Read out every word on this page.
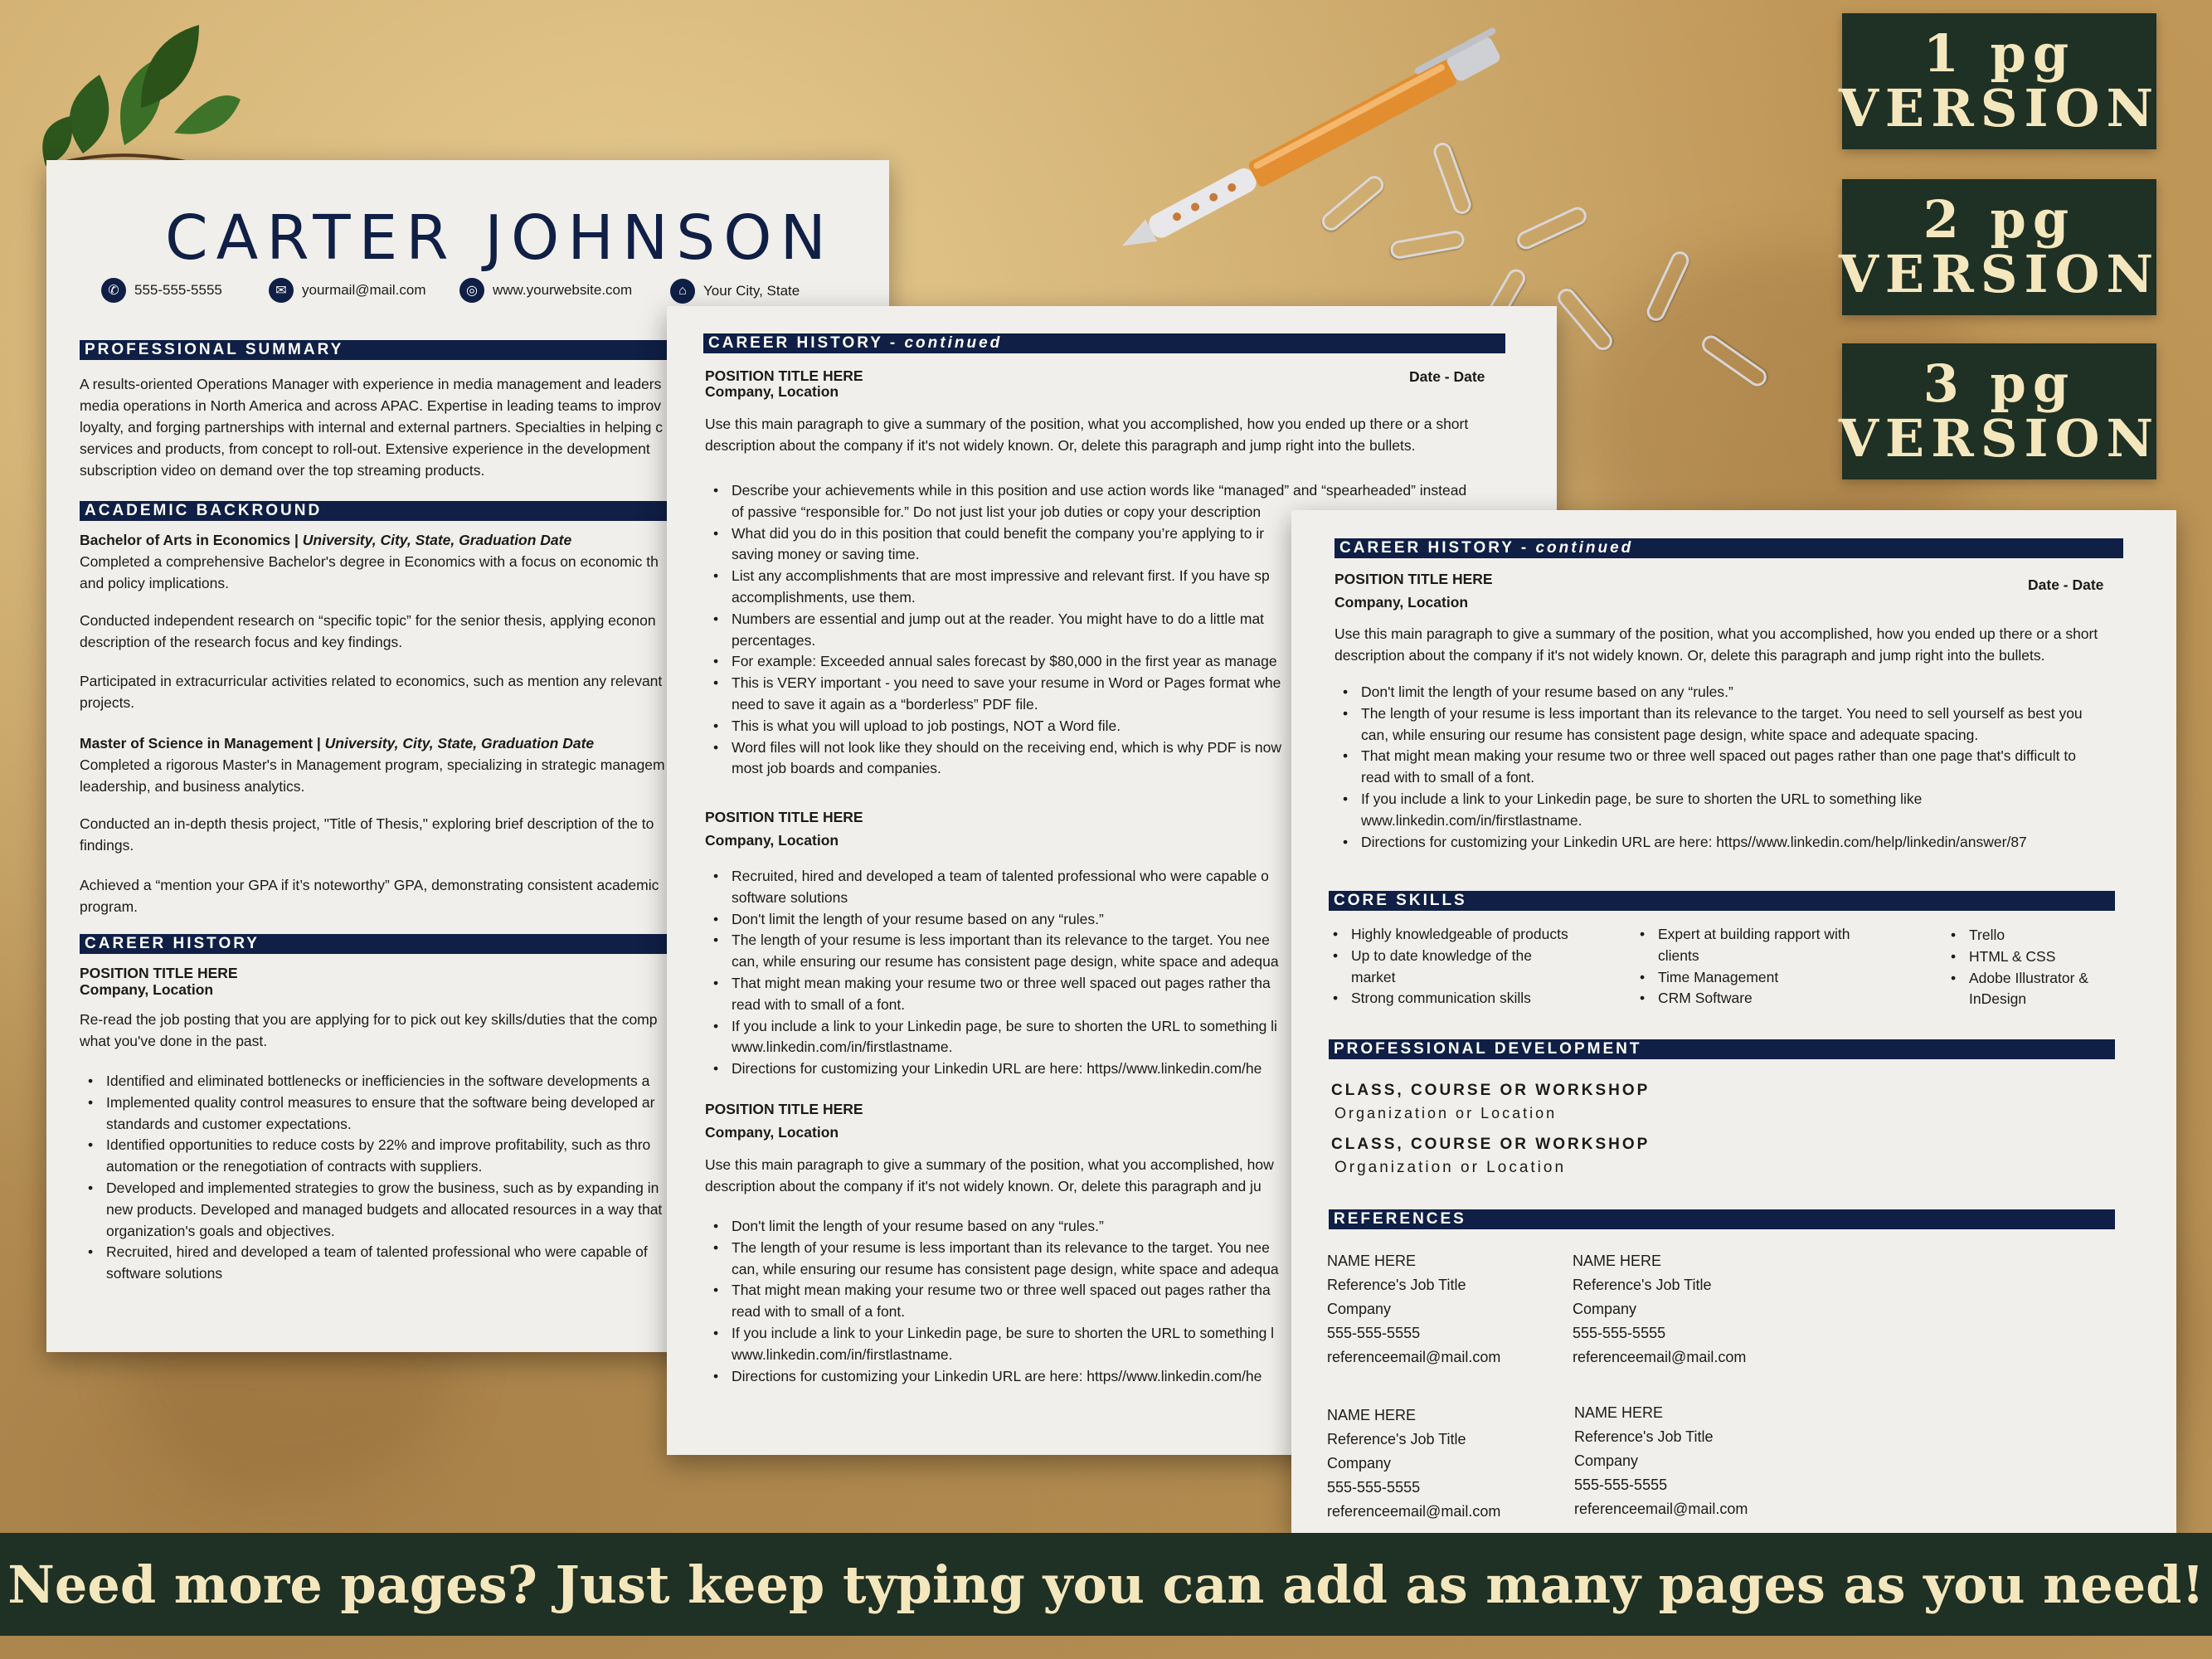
1 pg
VERSION
2 pg
VERSION
3 pg
VERSION
CARTER JOHNSON
✆	555-555-5555	✉	yourmail@mail.com	◎	www.yourwebsite.com	⌂	Your City, State
PROFESSIONAL SUMMARY
A results-oriented Operations Manager with experience in media management and leaders
media operations in North America and across APAC. Expertise in leading teams to improv
loyalty, and forging partnerships with internal and external partners. Specialties in helping c
services and products, from concept to roll-out. Extensive experience in the development
subscription video on demand over the top streaming products.
ACADEMIC BACKROUND
Bachelor of Arts in Economics | University, City, State, Graduation Date
Completed a comprehensive Bachelor's degree in Economics with a focus on economic th
and policy implications.
Conducted independent research on “specific topic” for the senior thesis, applying econon
description of the research focus and key findings.
Participated in extracurricular activities related to economics, such as mention any relevant
projects.
Master of Science in Management | University, City, State, Graduation Date
Completed a rigorous Master's in Management program, specializing in strategic managem
leadership, and business analytics.
Conducted an in-depth thesis project, "Title of Thesis," exploring brief description of the to
findings.
Achieved a “mention your GPA if it’s noteworthy” GPA, demonstrating consistent academic
program.
CAREER HISTORY
POSITION TITLE HERE
Company, Location
Re-read the job posting that you are applying for to pick out key skills/duties that the comp
what you've done in the past.
• Identified and eliminated bottlenecks or inefficiencies in the software developments a
• Implemented quality control measures to ensure that the software being developed ar
standards and customer expectations.
• Identified opportunities to reduce costs by 22% and improve profitability, such as thro
automation or the renegotiation of contracts with suppliers.
• Developed and implemented strategies to grow the business, such as by expanding in
new products. Developed and managed budgets and allocated resources in a way that
organization's goals and objectives.
• Recruited, hired and developed a team of talented professional who were capable of
software solutions
CAREER HISTORY - continued
POSITION TITLE HERE
Company, Location
Date - Date
Use this main paragraph to give a summary of the position, what you accomplished, how you ended up there or a short
description about the company if it's not widely known. Or, delete this paragraph and jump right into the bullets.
• Describe your achievements while in this position and use action words like “managed” and “spearheaded” instead
of passive “responsible for.” Do not just list your job duties or copy your description
• What did you do in this position that could benefit the company you’re applying to ir
saving money or saving time.
• List any accomplishments that are most impressive and relevant first. If you have sp
accomplishments, use them.
• Numbers are essential and jump out at the reader. You might have to do a little mat
percentages.
• For example: Exceeded annual sales forecast by $80,000 in the first year as manage
• This is VERY important - you need to save your resume in Word or Pages format whe
need to save it again as a “borderless” PDF file.
• This is what you will upload to job postings, NOT a Word file.
• Word files will not look like they should on the receiving end, which is why PDF is now
most job boards and companies.
POSITION TITLE HERE
Company, Location
• Recruited, hired and developed a team of talented professional who were capable o
software solutions
• Don't limit the length of your resume based on any “rules.”
• The length of your resume is less important than its relevance to the target. You nee
can, while ensuring our resume has consistent page design, white space and adequa
• That might mean making your resume two or three well spaced out pages rather tha
read with to small of a font.
• If you include a link to your Linkedin page, be sure to shorten the URL to something li
www.linkedin.com/in/firstlastname.
• Directions for customizing your Linkedin URL are here: https//www.linkedin.com/he
POSITION TITLE HERE
Company, Location
Use this main paragraph to give a summary of the position, what you accomplished, how
description about the company if it's not widely known. Or, delete this paragraph and ju
• Don't limit the length of your resume based on any “rules.”
• The length of your resume is less important than its relevance to the target. You nee
can, while ensuring our resume has consistent page design, white space and adequa
• That might mean making your resume two or three well spaced out pages rather tha
read with to small of a font.
• If you include a link to your Linkedin page, be sure to shorten the URL to something l
www.linkedin.com/in/firstlastname.
• Directions for customizing your Linkedin URL are here: https//www.linkedin.com/he
CAREER HISTORY - continued
POSITION TITLE HERE
Company, Location
Date - Date
Use this main paragraph to give a summary of the position, what you accomplished, how you ended up there or a short
description about the company if it's not widely known. Or, delete this paragraph and jump right into the bullets.
• Don't limit the length of your resume based on any “rules.”
• The length of your resume is less important than its relevance to the target. You need to sell yourself as best you
can, while ensuring our resume has consistent page design, white space and adequate spacing.
• That might mean making your resume two or three well spaced out pages rather than one page that's difficult to
read with to small of a font.
• If you include a link to your Linkedin page, be sure to shorten the URL to something like
www.linkedin.com/in/firstlastname.
• Directions for customizing your Linkedin URL are here: https//www.linkedin.com/help/linkedin/answer/87
CORE SKILLS
• Highly knowledgeable of products
• Up to date knowledge of the
market
• Strong communication skills
• Expert at building rapport with
clients
• Time Management
• CRM Software
• Trello
• HTML & CSS
• Adobe Illustrator &
InDesign
PROFESSIONAL DEVELOPMENT
CLASS, COURSE OR WORKSHOP
Organization or Location
CLASS, COURSE OR WORKSHOP
Organization or Location
REFERENCES
NAME HERE
Reference's Job Title
Company
555-555-5555
referenceemail@mail.com
NAME HERE
Reference's Job Title
Company
555-555-5555
referenceemail@mail.com
NAME HERE
Reference's Job Title
Company
555-555-5555
referenceemail@mail.com
NAME HERE
Reference's Job Title
Company
555-555-5555
referenceemail@mail.com
Need more pages? Just keep typing you can add as many pages as you need!
